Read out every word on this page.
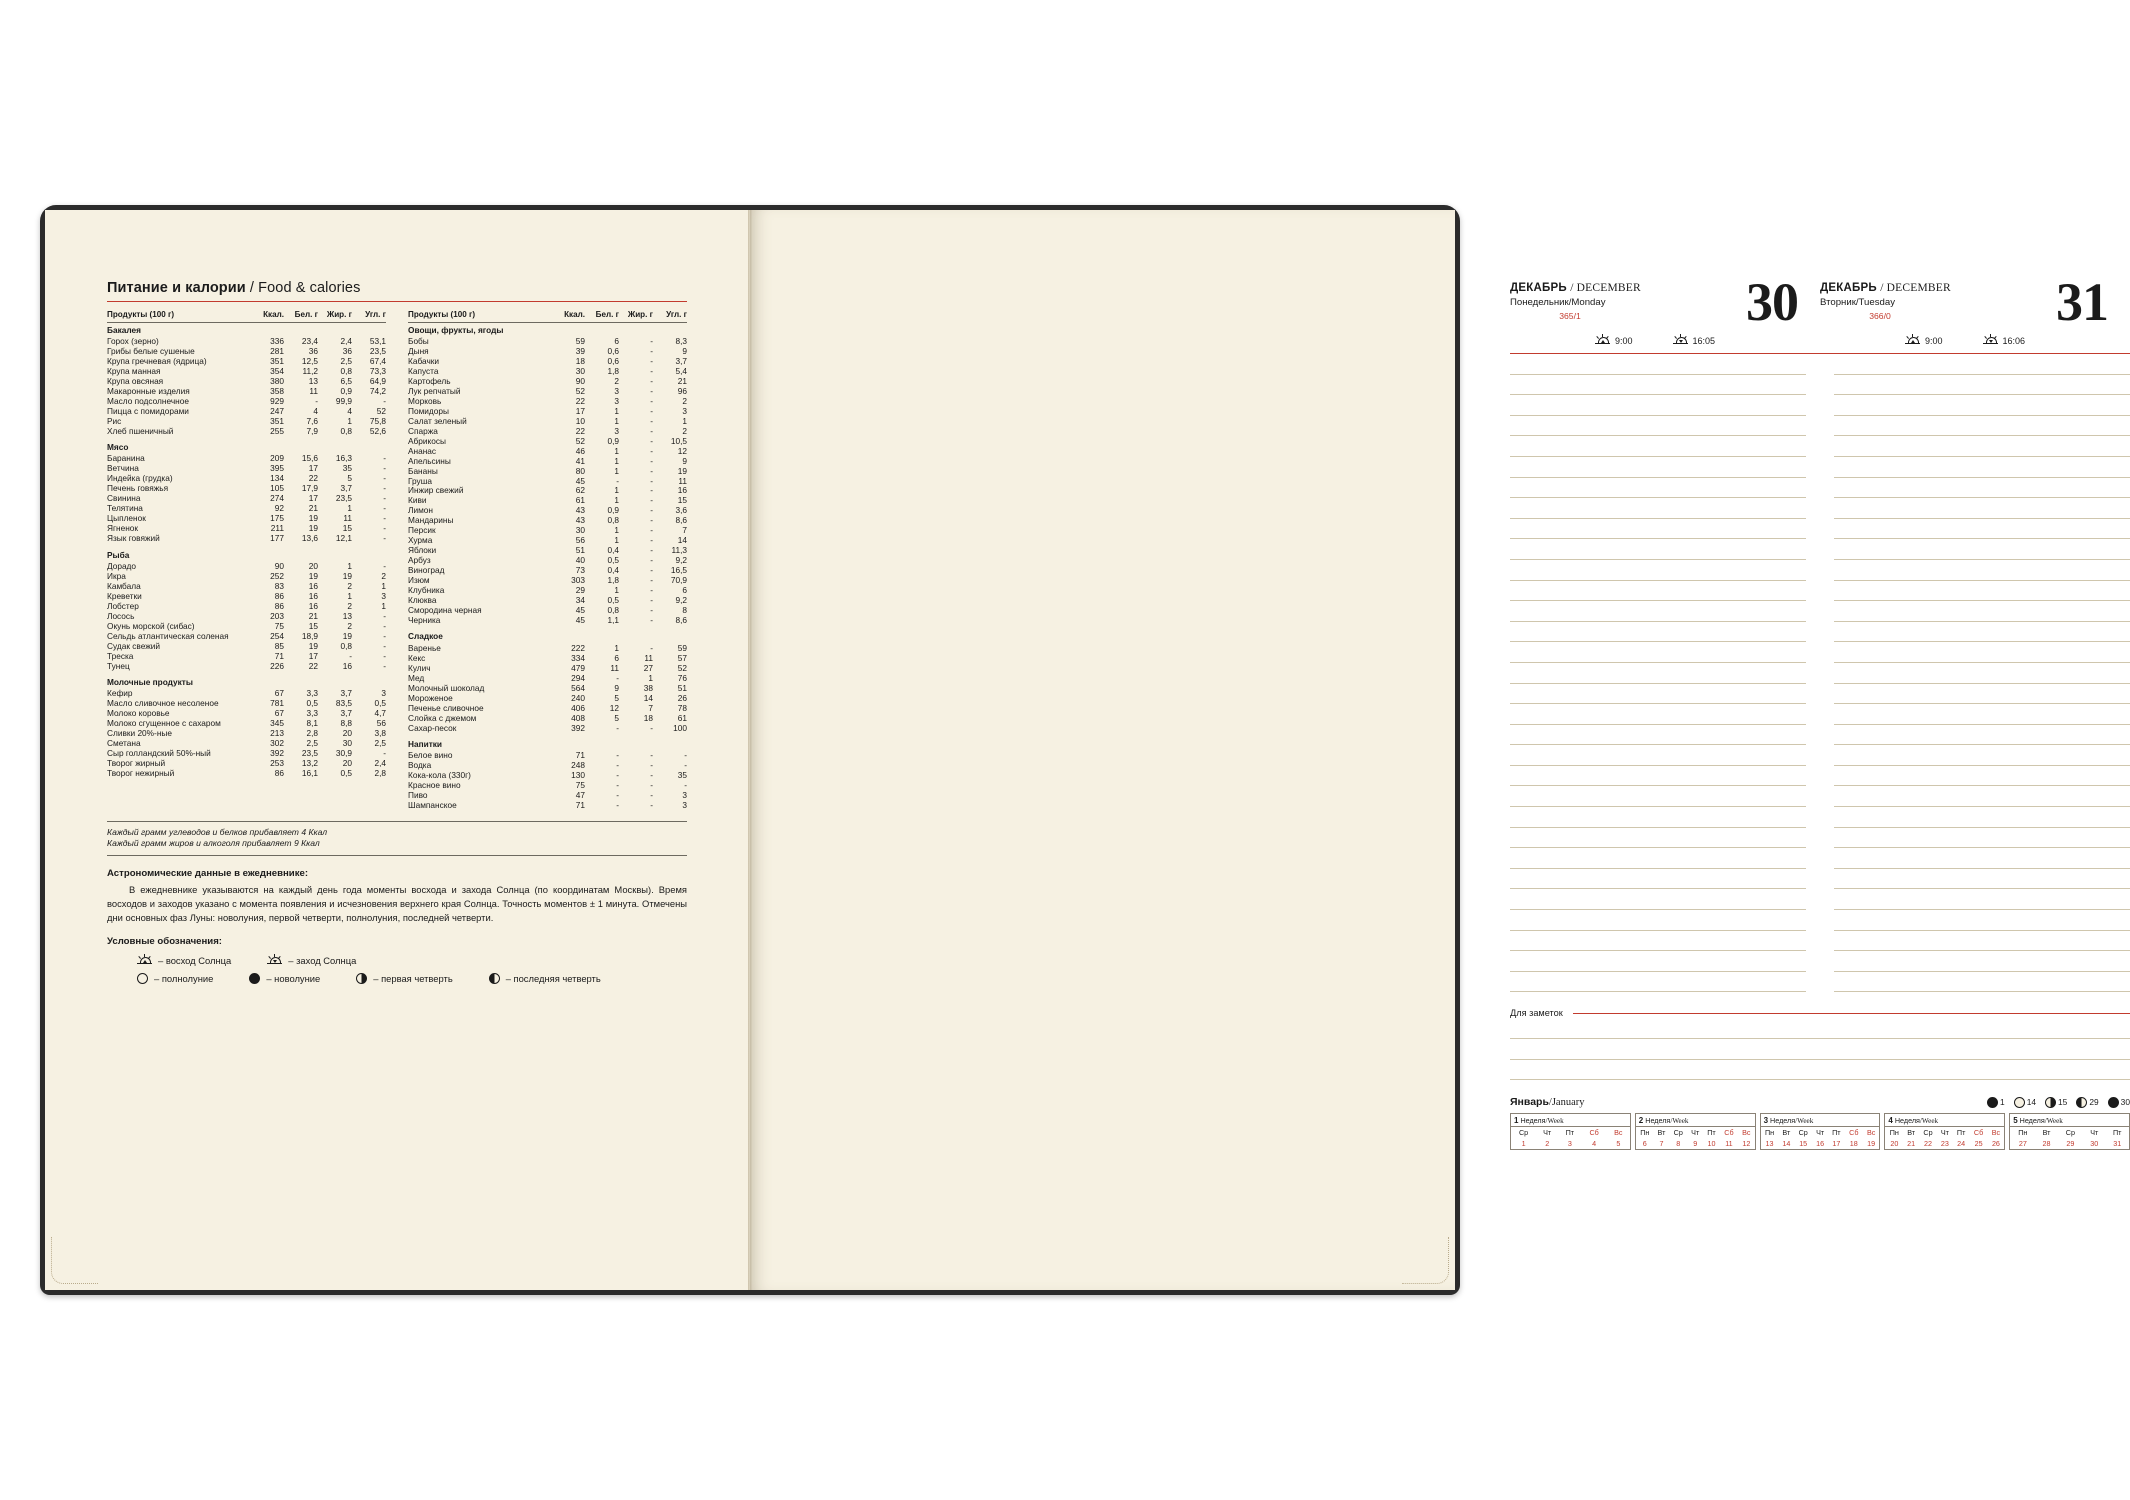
Питание и калории / Food & calories
Продукты (100 г)	Ккал.	Бел. г	Жир. г	Угл. г
Бакалея				
Горох (зерно)	336	23,4	2,4	53,1
Грибы белые сушеные	281	36	36	23,5
Крупа гречневая (ядрица)	351	12,5	2,5	67,4
Крупа манная	354	11,2	0,8	73,3
Крупа овсяная	380	13	6,5	64,9
Макаронные изделия	358	11	0,9	74,2
Масло подсолнечное	929	-	99,9	-
Пицца с помидорами	247	4	4	52
Рис	351	7,6	1	75,8
Хлеб пшеничный	255	7,9	0,8	52,6
Мясо				
Баранина	209	15,6	16,3	-
Ветчина	395	17	35	-
Индейка (грудка)	134	22	5	-
Печень говяжья	105	17,9	3,7	-
Свинина	274	17	23,5	-
Телятина	92	21	1	-
Цыпленок	175	19	11	-
Ягненок	211	19	15	-
Язык говяжий	177	13,6	12,1	-
Рыба				
Дорадо	90	20	1	-
Икра	252	19	19	2
Камбала	83	16	2	1
Креветки	86	16	1	3
Лобстер	86	16	2	1
Лосось	203	21	13	-
Окунь морской (сибас)	75	15	2	-
Сельдь атлантическая соленая	254	18,9	19	-
Судак свежий	85	19	0,8	-
Треска	71	17	-	-
Тунец	226	22	16	-
Молочные продукты				
Кефир	67	3,3	3,7	3
Масло сливочное несоленое	781	0,5	83,5	0,5
Молоко коровье	67	3,3	3,7	4,7
Молоко сгущенное с сахаром	345	8,1	8,8	56
Сливки 20%-ные	213	2,8	20	3,8
Сметана	302	2,5	30	2,5
Сыр голландский 50%-ный	392	23,5	30,9	-
Творог жирный	253	13,2	20	2,4
Творог нежирный	86	16,1	0,5	2,8
Продукты (100 г)	Ккал.	Бел. г	Жир. г	Угл. г
Овощи, фрукты, ягоды				
Бобы	59	6	-	8,3
Дыня	39	0,6	-	9
Кабачки	18	0,6	-	3,7
Капуста	30	1,8	-	5,4
Картофель	90	2	-	21
Лук репчатый	52	3	-	96
Морковь	22	3	-	2
Помидоры	17	1	-	3
Салат зеленый	10	1	-	1
Спаржа	22	3	-	2
Абрикосы	52	0,9	-	10,5
Ананас	46	1	-	12
Апельсины	41	1	-	9
Бананы	80	1	-	19
Груша	45	-	-	11
Инжир свежий	62	1	-	16
Киви	61	1	-	15
Лимон	43	0,9	-	3,6
Мандарины	43	0,8	-	8,6
Персик	30	1	-	7
Хурма	56	1	-	14
Яблоки	51	0,4	-	11,3
Арбуз	40	0,5	-	9,2
Виноград	73	0,4	-	16,5
Изюм	303	1,8	-	70,9
Клубника	29	1	-	6
Клюква	34	0,5	-	9,2
Смородина черная	45	0,8	-	8
Черника	45	1,1	-	8,6
Сладкое				
Варенье	222	1	-	59
Кекс	334	6	11	57
Кулич	479	11	27	52
Мед	294	-	1	76
Молочный шоколад	564	9	38	51
Мороженое	240	5	14	26
Печенье сливочное	406	12	7	78
Слойка с джемом	408	5	18	61
Сахар-песок	392	-	-	100
Напитки				
Белое вино	71	-	-	-
Водка	248	-	-	-
Кока-кола (330г)	130	-	-	35
Красное вино	75	-	-	-
Пиво	47	-	-	3
Шампанское	71	-	-	3
Каждый грамм углеводов и белков прибавляет 4 Ккал
Каждый грамм жиров и алкоголя прибавляет 9 Ккал
Астрономические данные в ежедневнике:
В ежедневнике указываются на каждый день года моменты восхода и захода Солнца (по координатам Москвы). Время восходов и заходов указано с момента появления и исчезновения верхнего края Солнца. Точность моментов ± 1 минута. Отмечены дни основных фаз Луны: новолуния, первой четверти, полнолуния, последней четверти.
Условные обозначения:
– восход Солнца	– заход Солнца
– полнолуние	– новолуние	– первая четверть	– последняя четверть
ДЕКАБРЬ / DECEMBER
Понедельник/Monday
365/1	30
9:00	16:05
ДЕКАБРЬ / DECEMBER
Вторник/Tuesday
366/0	31
9:00	16:06
Для заметок
Январь/January	1	14	15	29	30
1 Неделя/Week
Ср	Чт	Пт	Сб	Вс
1	2	3	4	5
2 Неделя/Week
Пн	Вт	Ср	Чт	Пт	Сб	Вс
6	7	8	9	10	11	12
3 Неделя/Week
Пн	Вт	Ср	Чт	Пт	Сб	Вс
13	14	15	16	17	18	19
4 Неделя/Week
Пн	Вт	Ср	Чт	Пт	Сб	Вс
20	21	22	23	24	25	26
5 Неделя/Week
Пн	Вт	Ср	Чт	Пт
27	28	29	30	31
